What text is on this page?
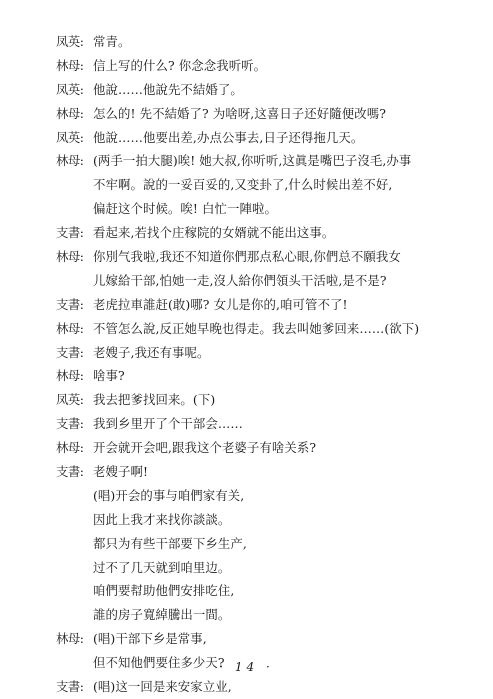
凤英: 常青。
林母: 信上写的什么? 你念念我听听。
凤英: 他說……他說先不結婚了。
林母: 怎么的! 先不結婚了? 为啥呀,这喜日子还好隨便改嗎?
凤英: 他說……他要出差,办点公事去,日子还得拖几天。
林母: (两手一拍大腿)唉! 她大叔,你听听,这眞是嘴巴子沒毛,办事
不牢啊。說的一妥百妥的,又变卦了,什么时候出差不好,
偏赶这个时候。唉! 白忙一陣啦。
支書: 看起来,若找个庄稼院的女婿就不能出这事。
林母: 你別气我啦,我还不知道你們那点私心眼,你們总不願我女
儿嫁給干部,怕她一走,沒人給你們領头干活啦,是不是?
支書: 老虎拉車誰赶(敢)哪? 女儿是你的,咱可管不了!
林母: 不管怎么說,反正她早晚也得走。我去叫她爹回来……(欲下)
支書: 老嫂子,我还有事呢。
林母: 啥事?
凤英: 我去把爹找回来。(下)
支書: 我到乡里开了个干部会……
林母: 开会就开会吧,跟我这个老婆子有啥关系?
支書: 老嫂子啊!
(唱)开会的事与咱們家有关,
因此上我才来找你談談。
都只为有些干部要下乡生产,
过不了几天就到咱里边。
咱們要幇助他們安排吃住,
誰的房子寬綽騰出一間。
林母: (唱)干部下乡是常事,
但不知他們要住多少天?
支書: (唱)这一回是来安家立业,
· 14 ·
